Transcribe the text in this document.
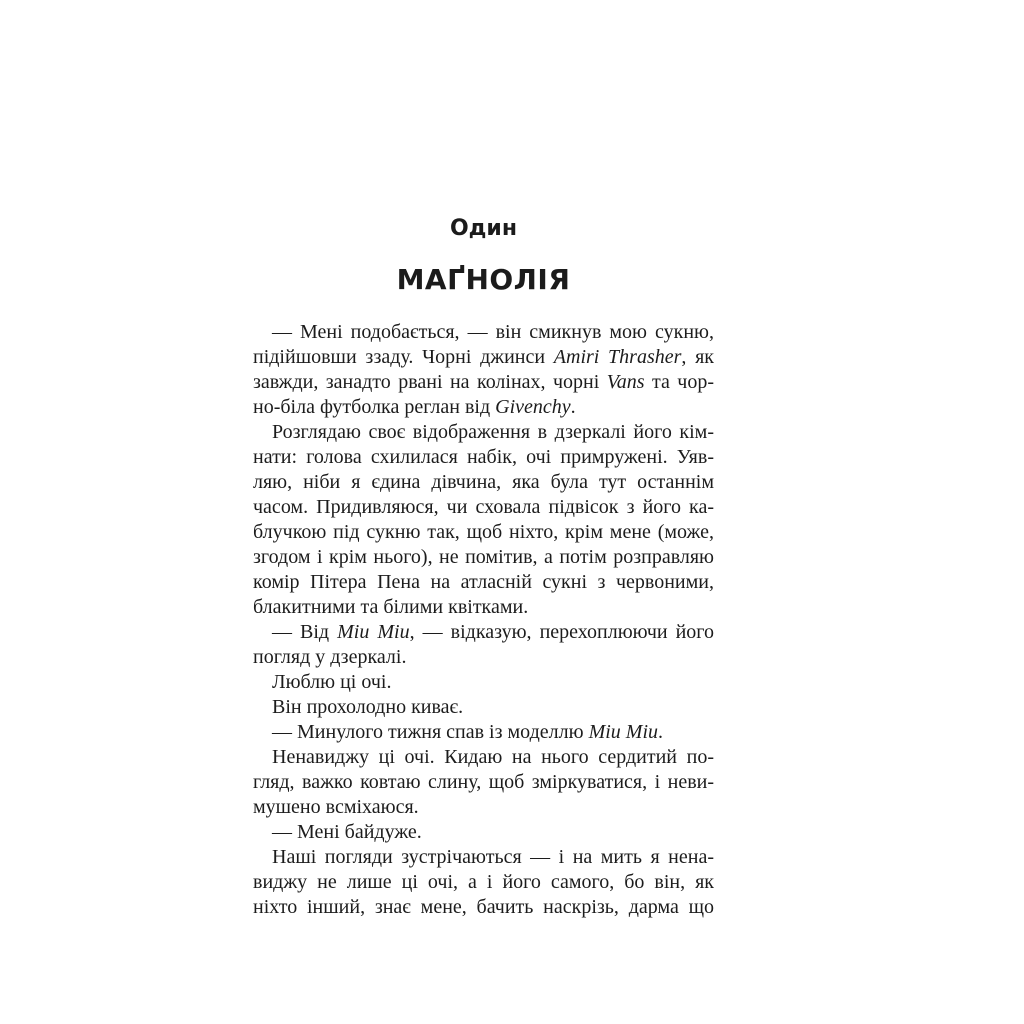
Один
МАҐНОЛІЯ
— Мені подобається, — він смикнув мою сукню,
підійшовши ззаду. Чорні джинси Amiri Thrasher, як
завжди, занадто рвані на колінах, чорні Vans та чор-
но-біла футболка реглан від Givenchy.
Розглядаю своє відображення в дзеркалі його кім-
нати: голова схилилася набік, очі примружені. Уяв-
ляю, ніби я єдина дівчина, яка була тут останнім
часом. Придивляюся, чи сховала підвісок з його ка-
блучкою під сукню так, щоб ніхто, крім мене (може,
згодом і крім нього), не помітив, а потім розправляю
комір Пітера Пена на атласній сукні з червоними,
блакитними та білими квітками.
— Від Miu Miu, — відказую, перехоплюючи його
погляд у дзеркалі.
Люблю ці очі.
Він прохолодно киває.
— Минулого тижня спав із моделлю Miu Miu.
Ненавиджу ці очі. Кидаю на нього сердитий по-
гляд, важко ковтаю слину, щоб зміркуватися, і неви-
мушено всміхаюся.
— Мені байдуже.
Наші погляди зустрічаються — і на мить я нена-
виджу не лише ці очі, а і його самого, бо він, як
ніхто інший, знає мене, бачить наскрізь, дарма що
